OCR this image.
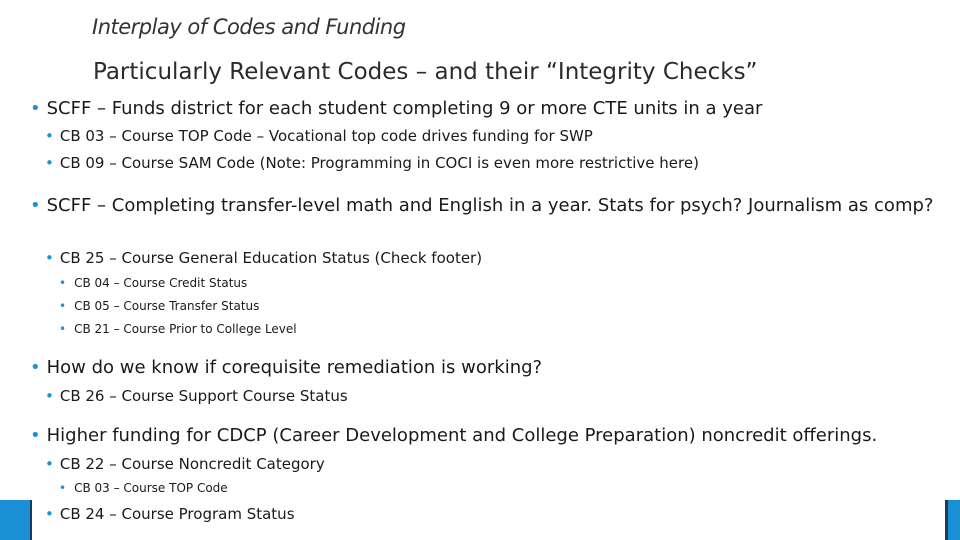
Interplay of Codes and Funding
Particularly Relevant Codes – and their “Integrity Checks”
• SCFF – Funds district for each student completing 9 or more CTE units in a year
• CB 03 – Course TOP Code – Vocational top code drives funding for SWP
• CB 09 – Course SAM Code (Note: Programming in COCI is even more restrictive here)
• SCFF – Completing transfer-level math and English in a year. Stats for psych? Journalism as comp?
• CB 25 – Course General Education Status (Check footer)
• CB 04 – Course Credit Status
• CB 05 – Course Transfer Status
• CB 21 – Course Prior to College Level
• How do we know if corequisite remediation is working?
• CB 26 – Course Support Course Status
• Higher funding for CDCP (Career Development and College Preparation) noncredit offerings.
• CB 22 – Course Noncredit Category
• CB 03 – Course TOP Code
• CB 24 – Course Program Status
